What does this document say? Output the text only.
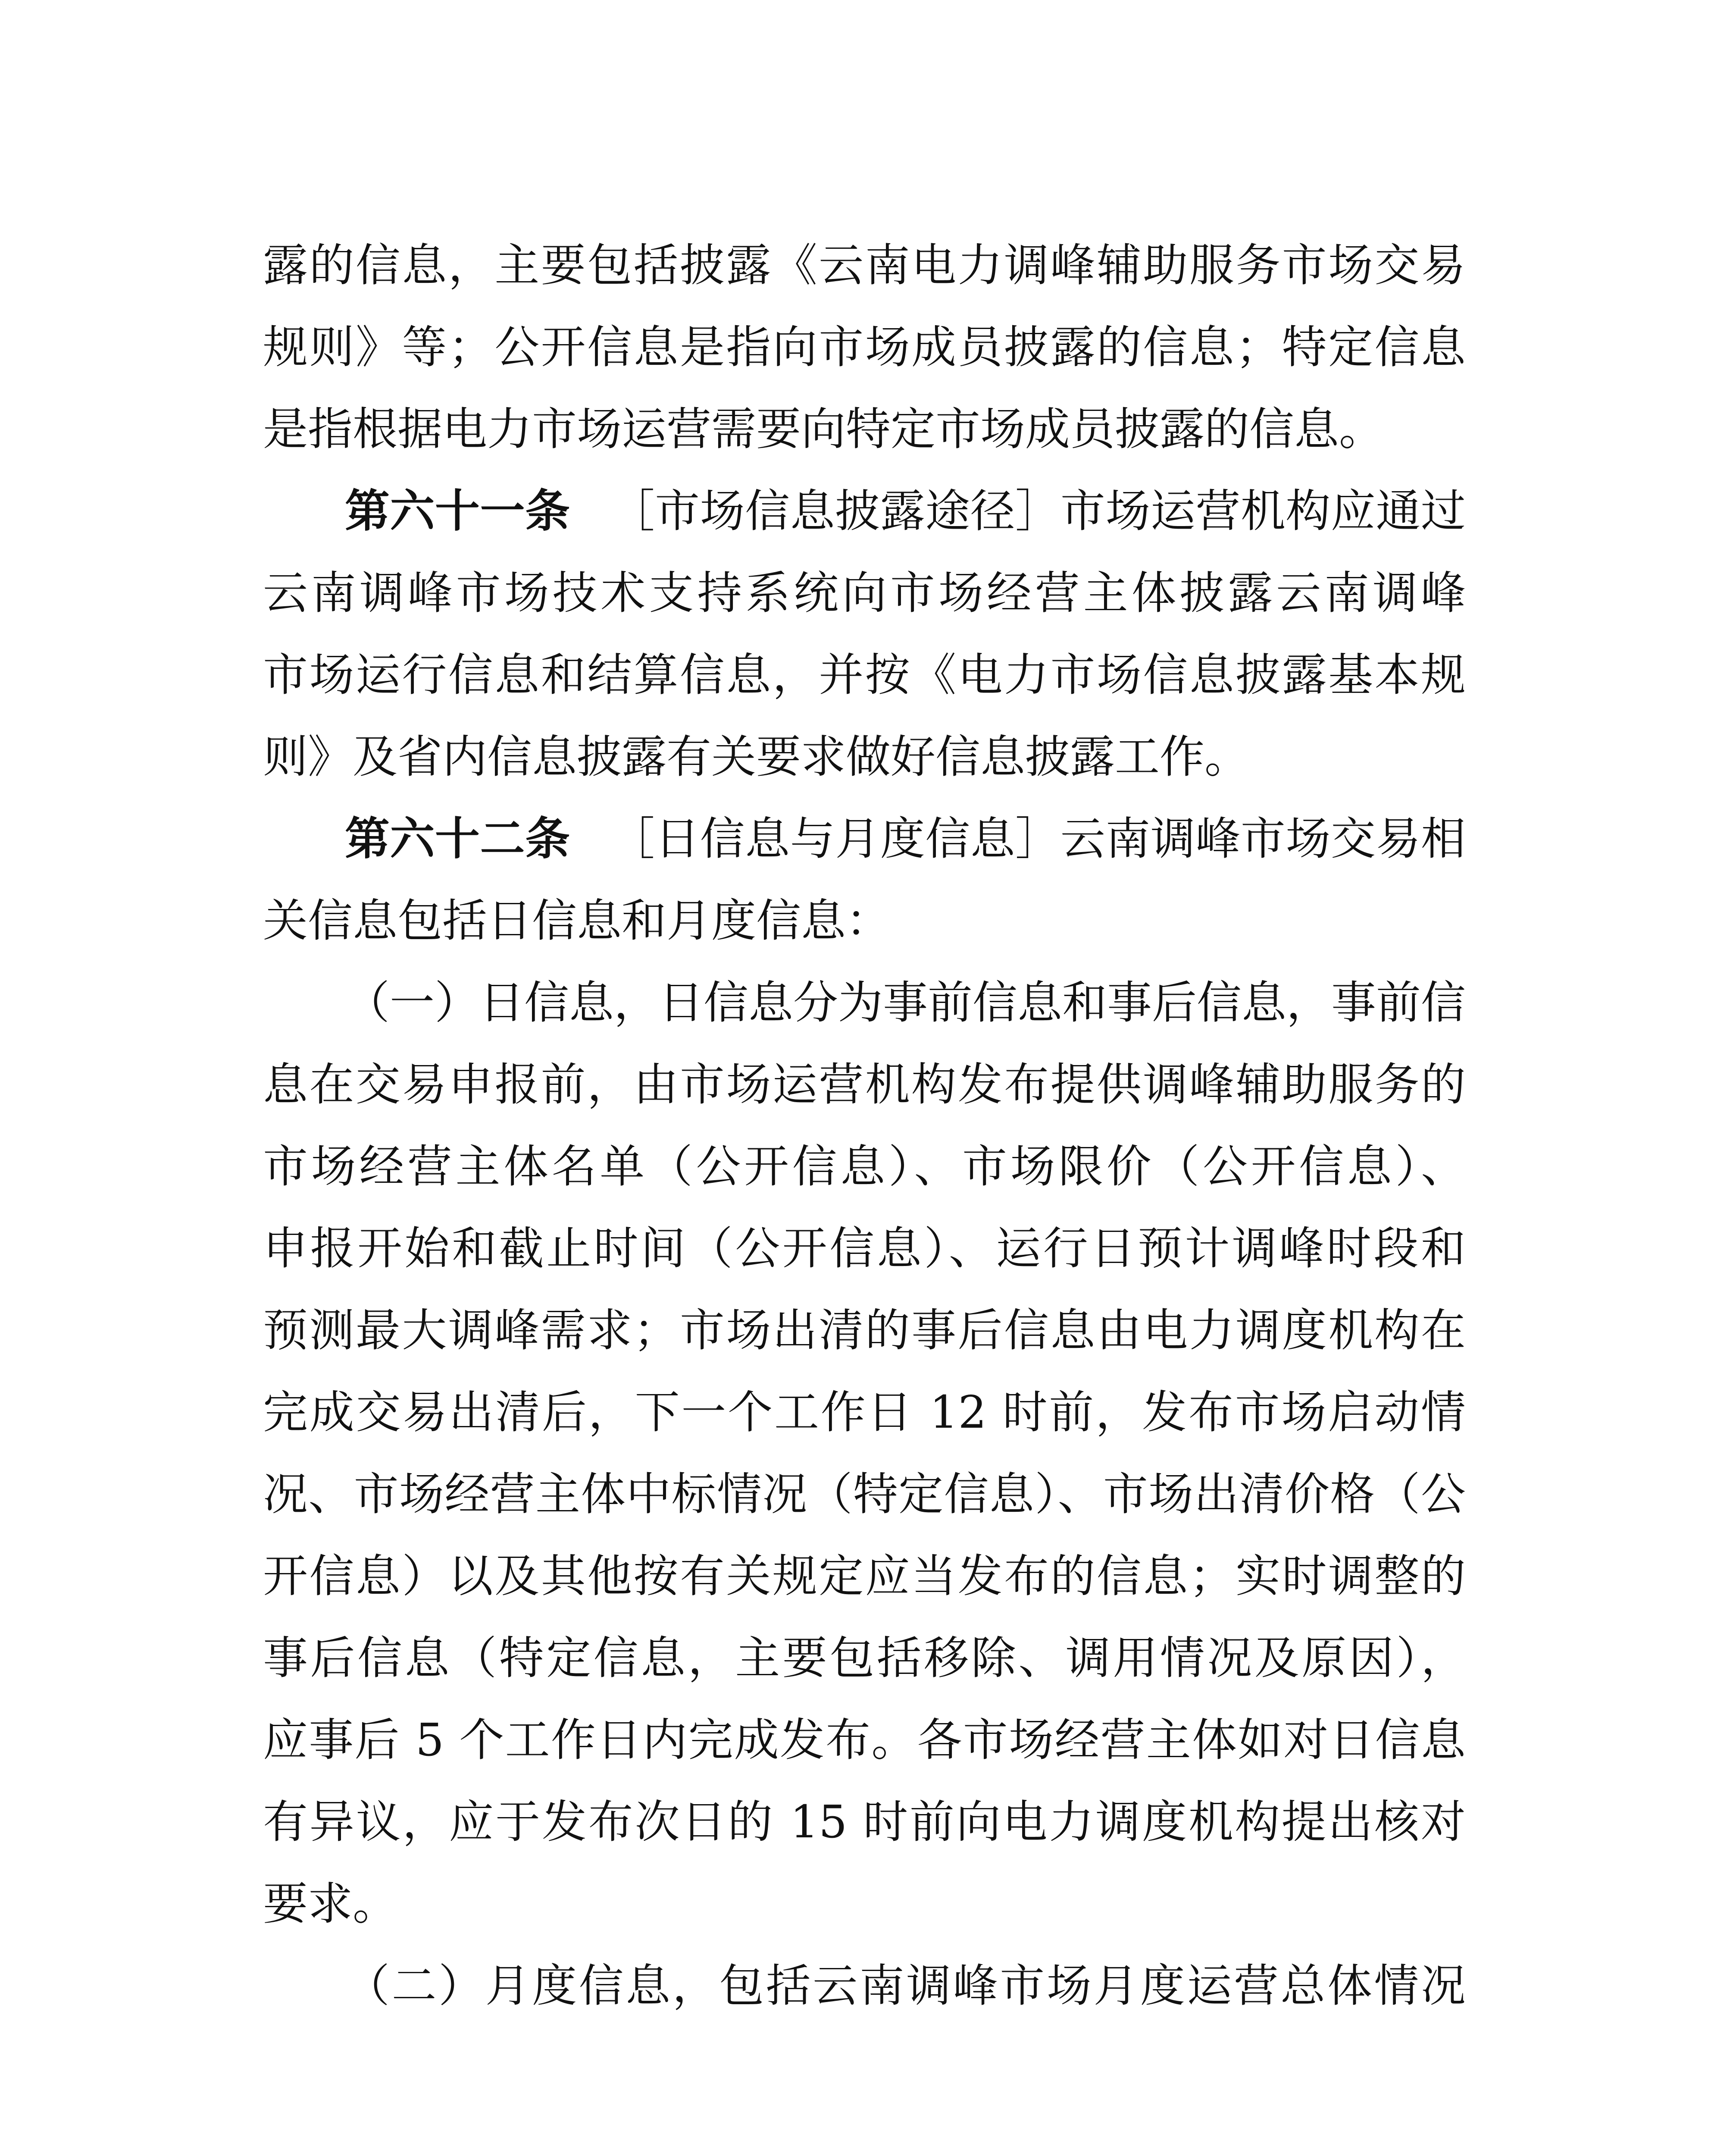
露的信息，主要包括披露《云南电力调峰辅助服务市场交易
规则》等；公开信息是指向市场成员披露的信息；特定信息
是指根据电力市场运营需要向特定市场成员披露的信息。
第六十一条 ［市场信息披露途径］市场运营机构应通过
云南调峰市场技术支持系统向市场经营主体披露云南调峰
市场运行信息和结算信息，并按《电力市场信息披露基本规
则》及省内信息披露有关要求做好信息披露工作。
第六十二条 ［日信息与月度信息］云南调峰市场交易相
关信息包括日信息和月度信息：
（一）日信息，日信息分为事前信息和事后信息，事前信
息在交易申报前，由市场运营机构发布提供调峰辅助服务的
市场经营主体名单（公开信息）、市场限价（公开信息）、
申报开始和截止时间（公开信息）、运行日预计调峰时段和
预测最大调峰需求；市场出清的事后信息由电力调度机构在
完成交易出清后，下一个工作日 12 时前，发布市场启动情
况、市场经营主体中标情况（特定信息）、市场出清价格（公
开信息）以及其他按有关规定应当发布的信息；实时调整的
事后信息（特定信息，主要包括移除、调用情况及原因），
应事后 5 个工作日内完成发布。各市场经营主体如对日信息
有异议，应于发布次日的 15 时前向电力调度机构提出核对
要求。
（二）月度信息，包括云南调峰市场月度运营总体情况
